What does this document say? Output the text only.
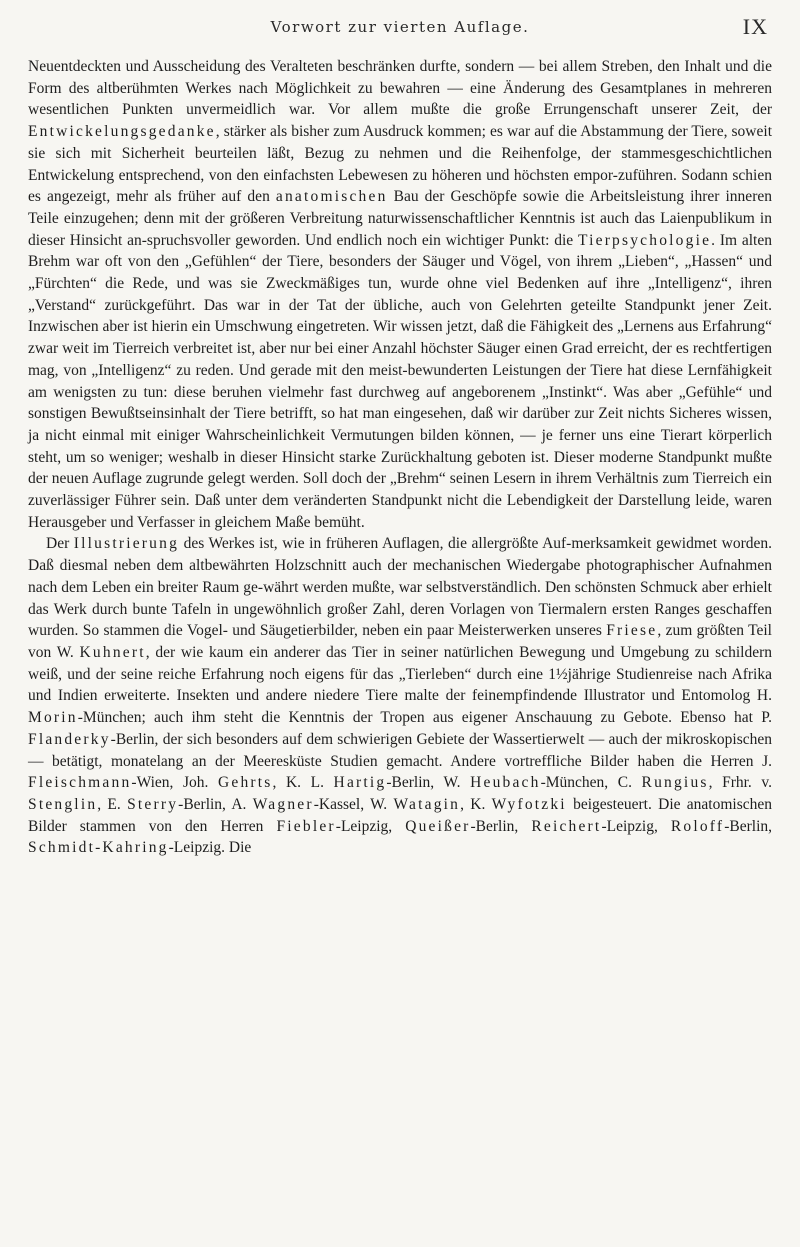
Vorwort zur vierten Auflage.	IX

Neuentdeckten und Ausscheidung des Veralteten beschränken durfte, sondern — bei allem Streben, den Inhalt und die Form des altberühmten Werkes nach Möglichkeit zu bewahren — eine Änderung des Gesamtplanes in mehreren wesentlichen Punkten unvermeidlich war. Vor allem mußte die große Errungenschaft unserer Zeit, der Entwickelungsgedanke, stärker als bisher zum Ausdruck kommen; es war auf die Abstammung der Tiere, soweit sie sich mit Sicherheit beurteilen läßt, Bezug zu nehmen und die Reihenfolge, der stammesgeschichtlichen Entwickelung entsprechend, von den einfachsten Lebewesen zu höheren und höchsten empor-zuführen. Sodann schien es angezeigt, mehr als früher auf den anatomischen Bau der Geschöpfe sowie die Arbeitsleistung ihrer inneren Teile einzugehen; denn mit der größeren Verbreitung naturwissenschaftlicher Kenntnis ist auch das Laienpublikum in dieser Hinsicht an-spruchsvoller geworden. Und endlich noch ein wichtiger Punkt: die Tierpsychologie. Im alten Brehm war oft von den „Gefühlen“ der Tiere, besonders der Säuger und Vögel, von ihrem „Lieben“, „Hassen“ und „Fürchten“ die Rede, und was sie Zweckmäßiges tun, wurde ohne viel Bedenken auf ihre „Intelligenz“, ihren „Verstand“ zurückgeführt. Das war in der Tat der übliche, auch von Gelehrten geteilte Standpunkt jener Zeit. Inzwischen aber ist hierin ein Umschwung eingetreten. Wir wissen jetzt, daß die Fähigkeit des „Lernens aus Erfahrung“ zwar weit im Tierreich verbreitet ist, aber nur bei einer Anzahl höchster Säuger einen Grad erreicht, der es rechtfertigen mag, von „Intelligenz“ zu reden. Und gerade mit den meist-bewunderten Leistungen der Tiere hat diese Lernfähigkeit am wenigsten zu tun: diese beruhen vielmehr fast durchweg auf angeborenem „Instinkt“. Was aber „Gefühle“ und sonstigen Bewußtseinsinhalt der Tiere betrifft, so hat man eingesehen, daß wir darüber zur Zeit nichts Sicheres wissen, ja nicht einmal mit einiger Wahrscheinlichkeit Vermutungen bilden können, — je ferner uns eine Tierart körperlich steht, um so weniger; weshalb in dieser Hinsicht starke Zurückhaltung geboten ist. Dieser moderne Standpunkt mußte der neuen Auflage zugrunde gelegt werden. Soll doch der „Brehm“ seinen Lesern in ihrem Verhältnis zum Tierreich ein zuverlässiger Führer sein. Daß unter dem veränderten Standpunkt nicht die Lebendigkeit der Darstellung leide, waren Herausgeber und Verfasser in gleichem Maße bemüht.

Der Illustrierung des Werkes ist, wie in früheren Auflagen, die allergrößte Auf-merksamkeit gewidmet worden. Daß diesmal neben dem altbewährten Holzschnitt auch der mechanischen Wiedergabe photographischer Aufnahmen nach dem Leben ein breiter Raum ge-währt werden mußte, war selbstverständlich. Den schönsten Schmuck aber erhielt das Werk durch bunte Tafeln in ungewöhnlich großer Zahl, deren Vorlagen von Tiermalern ersten Ranges geschaffen wurden. So stammen die Vogel- und Säugetierbilder, neben ein paar Meisterwerken unseres Friese, zum größten Teil von W. Kuhnert, der wie kaum ein anderer das Tier in seiner natürlichen Bewegung und Umgebung zu schildern weiß, und der seine reiche Erfahrung noch eigens für das „Tierleben“ durch eine 1½jährige Studienreise nach Afrika und Indien erweiterte. Insekten und andere niedere Tiere malte der feinempfindende Illustrator und Entomolog H. Morin-München; auch ihm steht die Kenntnis der Tropen aus eigener Anschauung zu Gebote. Ebenso hat P. Flanderky-Berlin, der sich besonders auf dem schwierigen Gebiete der Wassertierwelt — auch der mikroskopischen — betätigt, monatelang an der Meeresküste Studien gemacht. Andere vortreffliche Bilder haben die Herren J. Fleischmann-Wien, Joh. Gehrts, K. L. Hartig-Berlin, W. Heubach-München, C. Rungius, Frhr. v. Stenglin, E. Sterry-Berlin, A. Wagner-Kassel, W. Watagin, K. Wyfotzki beigesteuert. Die anatomischen Bilder stammen von den Herren Fiebler-Leipzig, Queißer-Berlin, Reichert-Leipzig, Roloff-Berlin, Schmidt-Kahring-Leipzig. Die
